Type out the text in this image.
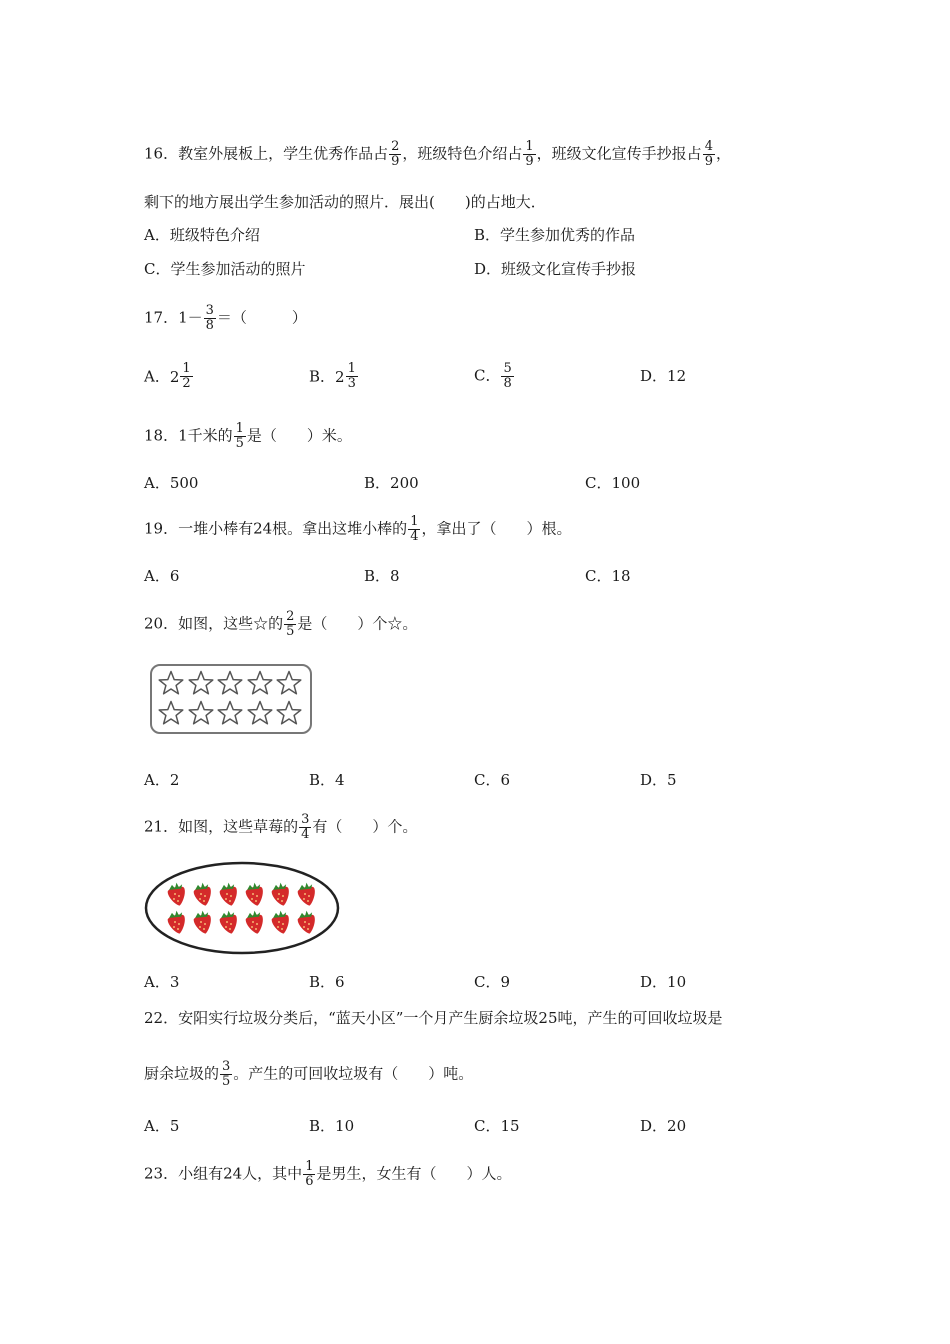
16．教室外展板上，学生优秀作品占 $\frac{2}{9}$ ，班级特色介绍占 $\frac{1}{9}$ ，班级文化宣传手抄报占 $\frac{4}{9}$ ，
剩下的地方展出学生参加活动的照片．展出(　　)的占地大．
A．班级特色介绍	B．学生参加优秀的作品
C．学生参加活动的照片	D．班级文化宣传手抄报
17．$1- \frac{3}{8}$ ＝（　　　）
A． $2 \frac{1}{2}$	B． $2 \frac{1}{3}$	C． $\frac{5}{8}$	D．12
18．1千米的 $\frac{1}{5}$ 是（　　）米。
A．500	B．200	C．100
19．一堆小棒有24根。拿出这堆小棒的 $\frac{1}{4}$ ，拿出了（　　）根。
A．6	B．8	C．18
20．如图，这些☆的 $\frac{2}{5}$ 是（　　）个☆。
A．2	B．4	C．6	D．5
21．如图，这些草莓的 $\frac{3}{4}$ 有（　　）个。
A．3	B．6	C．9	D．10
22．安阳实行垃圾分类后，“蓝天小区”一个月产生厨余垃圾25吨，产生的可回收垃圾是
厨余垃圾的 $\frac{3}{5}$ 。产生的可回收垃圾有（　　）吨。
A．5	B．10	C．15	D．20
23．小组有24人，其中 $\frac{1}{6}$ 是男生，女生有（　　）人。
